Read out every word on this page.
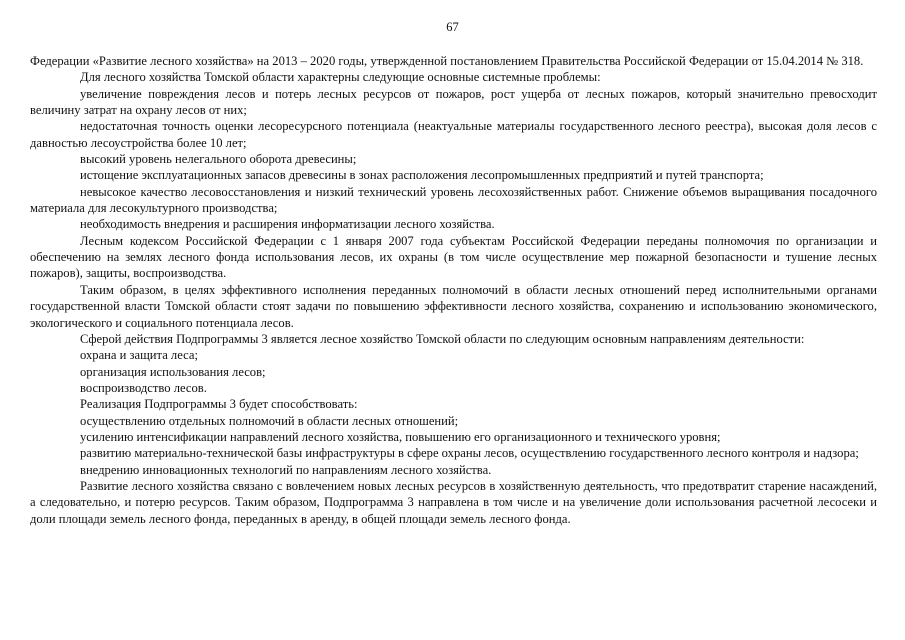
67

Федерации «Развитие лесного хозяйства» на 2013 – 2020 годы, утвержденной постановлением Правительства Российской Федерации от 15.04.2014 № 318.

Для лесного хозяйства Томской области характерны следующие основные системные проблемы:

увеличение повреждения лесов и потерь лесных ресурсов от пожаров, рост ущерба от лесных пожаров, который значительно превосходит величину затрат на охрану лесов от них;

недостаточная точность оценки лесоресурсного потенциала (неактуальные материалы государственного лесного реестра), высокая доля лесов с давностью лесоустройства более 10 лет;

высокий уровень нелегального оборота древесины;

истощение эксплуатационных запасов древесины в зонах расположения лесопромышленных предприятий и путей транспорта;

невысокое качество лесовосстановления и низкий технический уровень лесохозяйственных работ. Снижение объемов выращивания посадочного материала для лесокультурного производства;

необходимость внедрения и расширения информатизации лесного хозяйства.

Лесным кодексом Российской Федерации с 1 января 2007 года субъектам Российской Федерации переданы полномочия по организации и обеспечению на землях лесного фонда использования лесов, их охраны (в том числе осуществление мер пожарной безопасности и тушение лесных пожаров), защиты, воспроизводства.

Таким образом, в целях эффективного исполнения переданных полномочий в области лесных отношений перед исполнительными органами государственной власти Томской области стоят задачи по повышению эффективности лесного хозяйства, сохранению и использованию экономического, экологического и социального потенциала лесов.

Сферой действия Подпрограммы 3 является лесное хозяйство Томской области по следующим основным направлениям деятельности:

охрана и защита леса;

организация использования лесов;

воспроизводство лесов.

Реализация Подпрограммы 3 будет способствовать:

осуществлению отдельных полномочий в области лесных отношений;

усилению интенсификации направлений лесного хозяйства, повышению его организационного и технического уровня;

развитию материально-технической базы инфраструктуры в сфере охраны лесов, осуществлению государственного лесного контроля и надзора;

внедрению инновационных технологий по направлениям лесного хозяйства.

Развитие лесного хозяйства связано с вовлечением новых лесных ресурсов в хозяйственную деятельность, что предотвратит старение насаждений, а следовательно, и потерю ресурсов. Таким образом, Подпрограмма 3 направлена в том числе и на увеличение доли использования расчетной лесосеки и доли площади земель лесного фонда, переданных в аренду, в общей площади земель лесного фонда.
